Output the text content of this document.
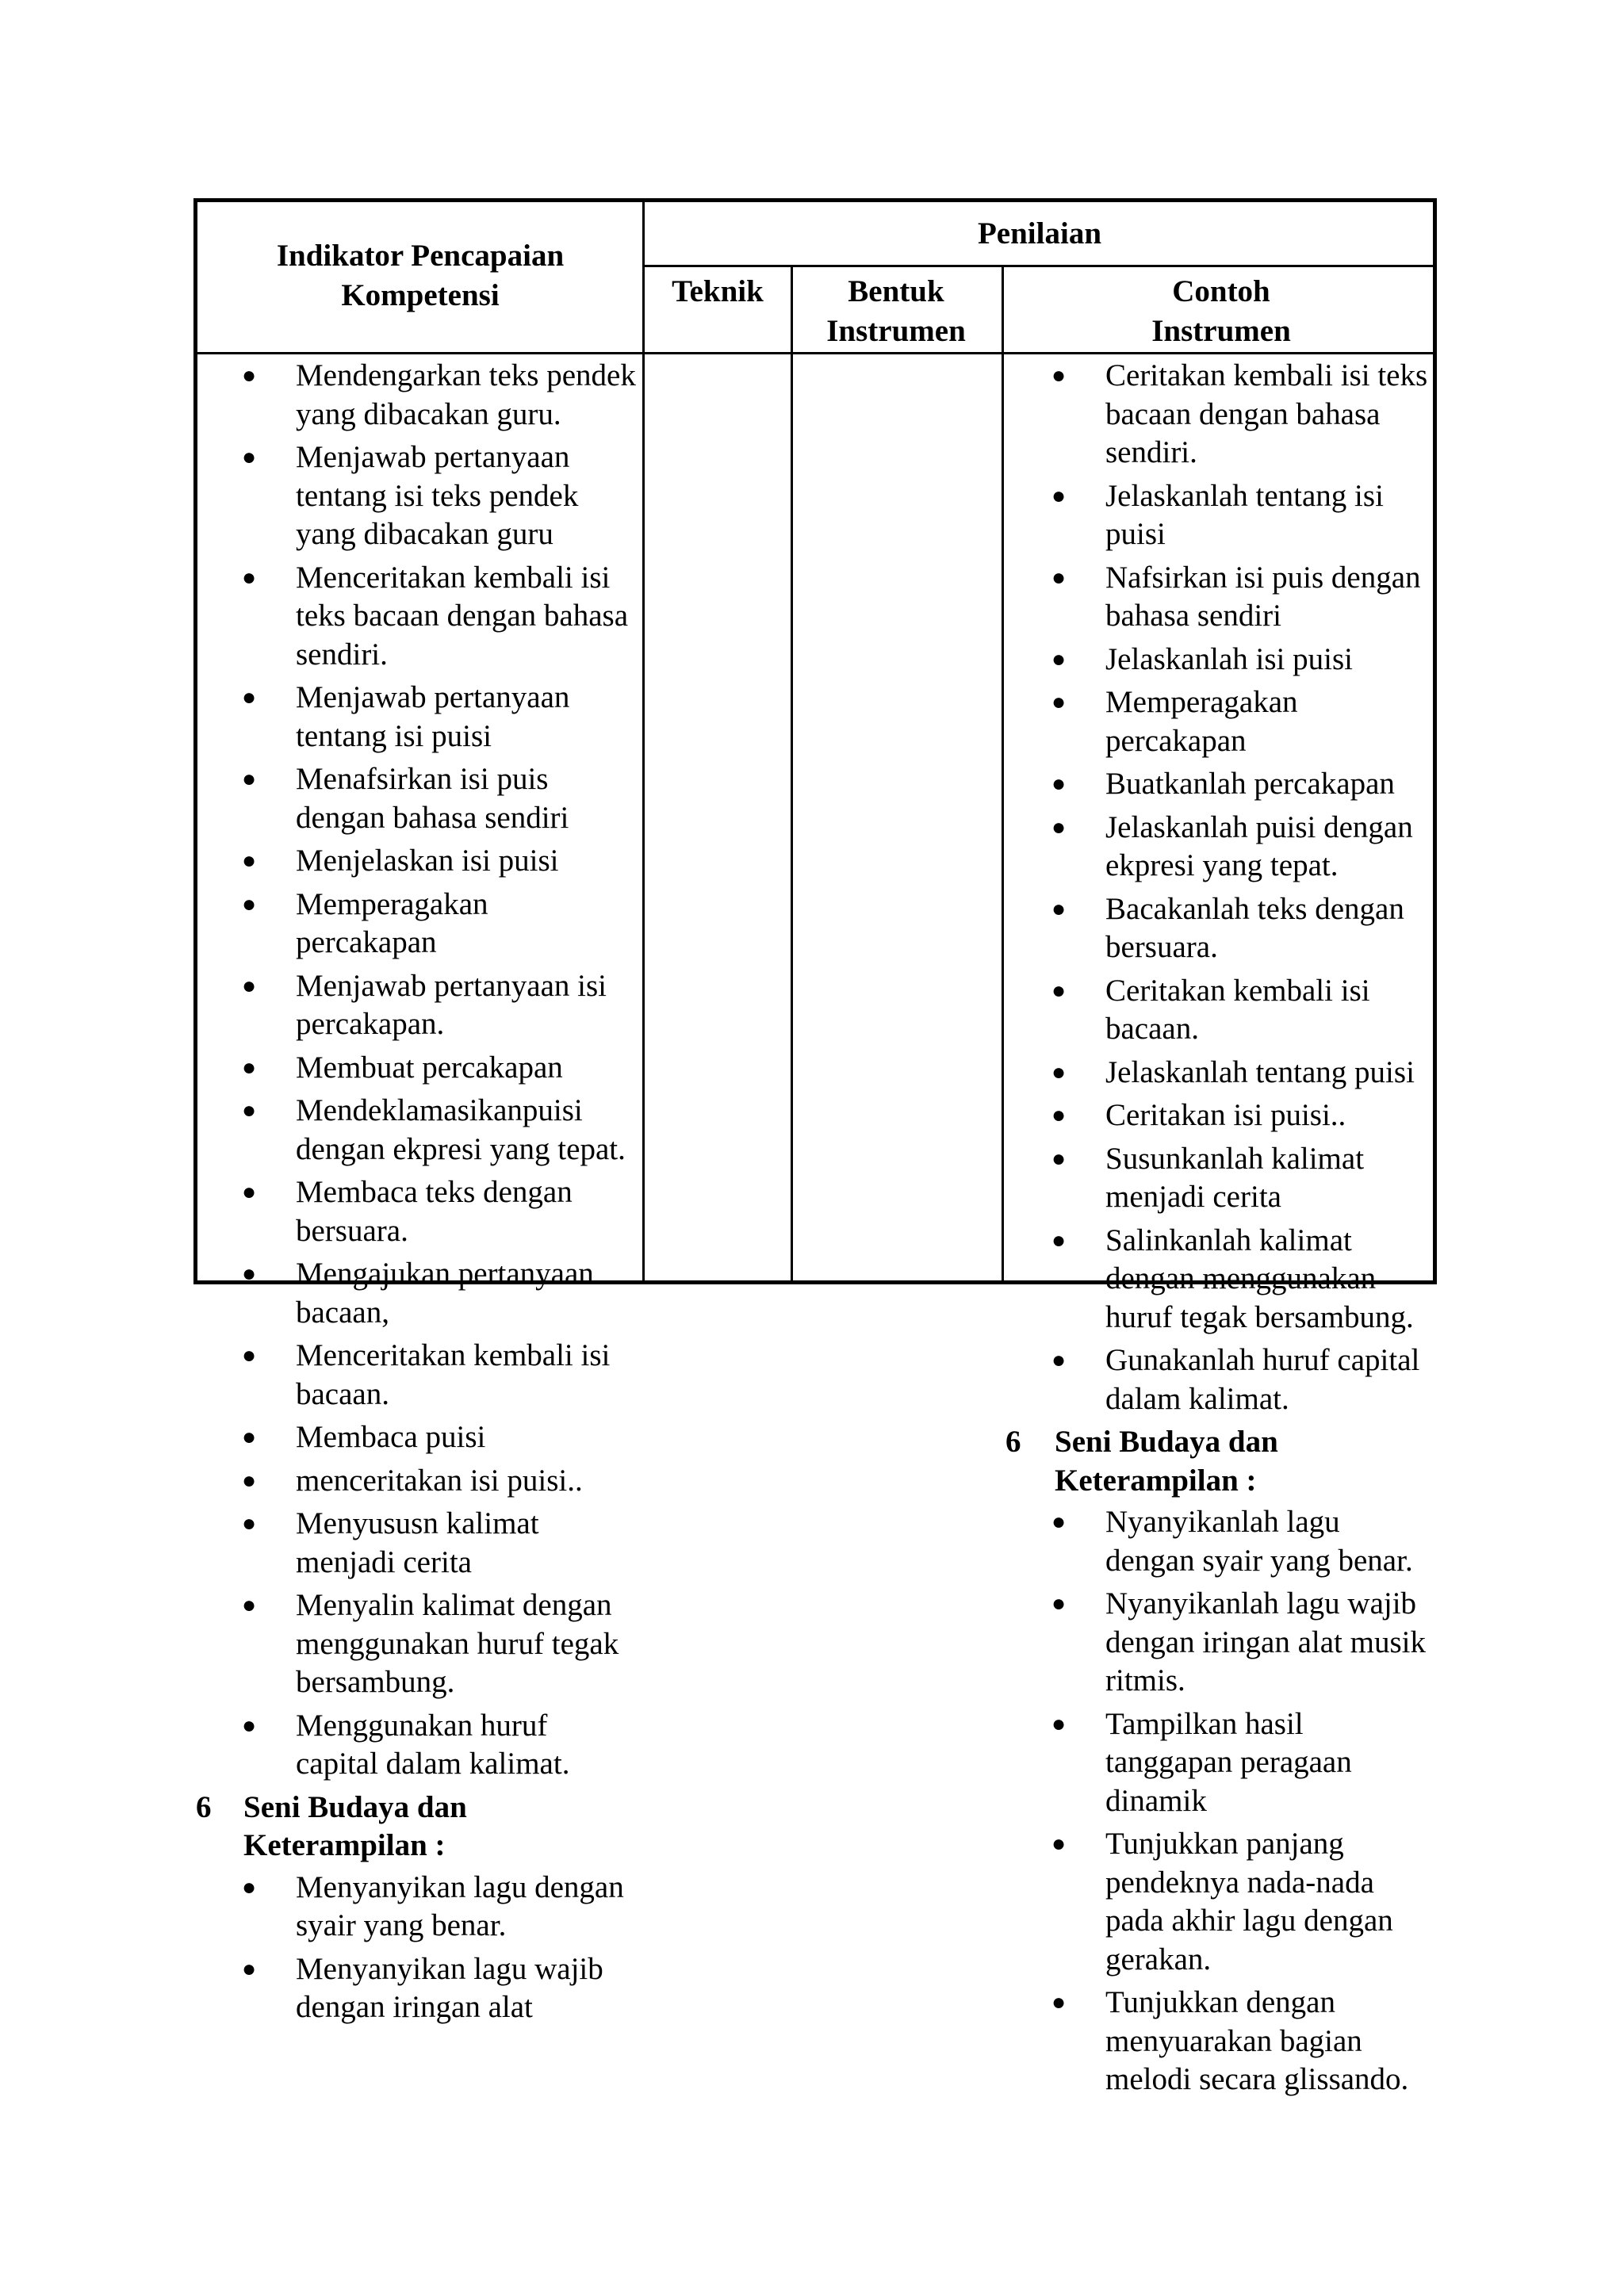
Indikator Pencapaian Kompetensi
Penilaian
Teknik	Bentuk Instrumen
Contoh Instrumen
● Mendengarkan teks pendek yang dibacakan guru.
● Menjawab pertanyaan tentang isi teks pendek yang dibacakan guru
● Menceritakan kembali isi teks bacaan dengan bahasa sendiri.
● Menjawab pertanyaan tentang isi puisi
● Menafsirkan isi puis dengan bahasa sendiri
● Menjelaskan isi puisi
● Memperagakan percakapan
● Menjawab pertanyaan isi percakapan.
● Membuat percakapan
● Mendeklamasikanpuisi dengan ekpresi yang tepat.
● Membaca teks dengan bersuara.
● Mengajukan pertanyaan bacaan,
● Menceritakan kembali isi bacaan.
● Membaca puisi
● menceritakan isi puisi..
● Menyususn kalimat menjadi cerita
● Menyalin kalimat dengan menggunakan huruf tegak bersambung.
● Menggunakan huruf capital dalam kalimat.
6 Seni Budaya dan Keterampilan :
● Menyanyikan lagu dengan syair yang benar.
● Menyanyikan lagu wajib dengan iringan alat
● Ceritakan kembali isi teks bacaan dengan bahasa sendiri.
● Jelaskanlah tentang isi puisi
● Nafsirkan isi puis dengan bahasa sendiri
● Jelaskanlah isi puisi
● Memperagakan percakapan
● Buatkanlah percakapan
● Jelaskanlah puisi dengan ekpresi yang tepat.
● Bacakanlah teks dengan bersuara.
● Ceritakan kembali isi bacaan.
● Jelaskanlah tentang puisi
● Ceritakan isi puisi..
● Susunkanlah kalimat menjadi cerita
● Salinkanlah kalimat dengan menggunakan huruf tegak bersambung.
● Gunakanlah huruf capital dalam kalimat.
6 Seni Budaya dan Keterampilan :
● Nyanyikanlah lagu dengan syair yang benar.
● Nyanyikanlah lagu wajib dengan iringan alat musik ritmis.
● Tampilkan hasil tanggapan peragaan dinamik
● Tunjukkan panjang pendeknya nada-nada pada akhir lagu dengan gerakan.
● Tunjukkan dengan menyuarakan bagian melodi secara glissando.
